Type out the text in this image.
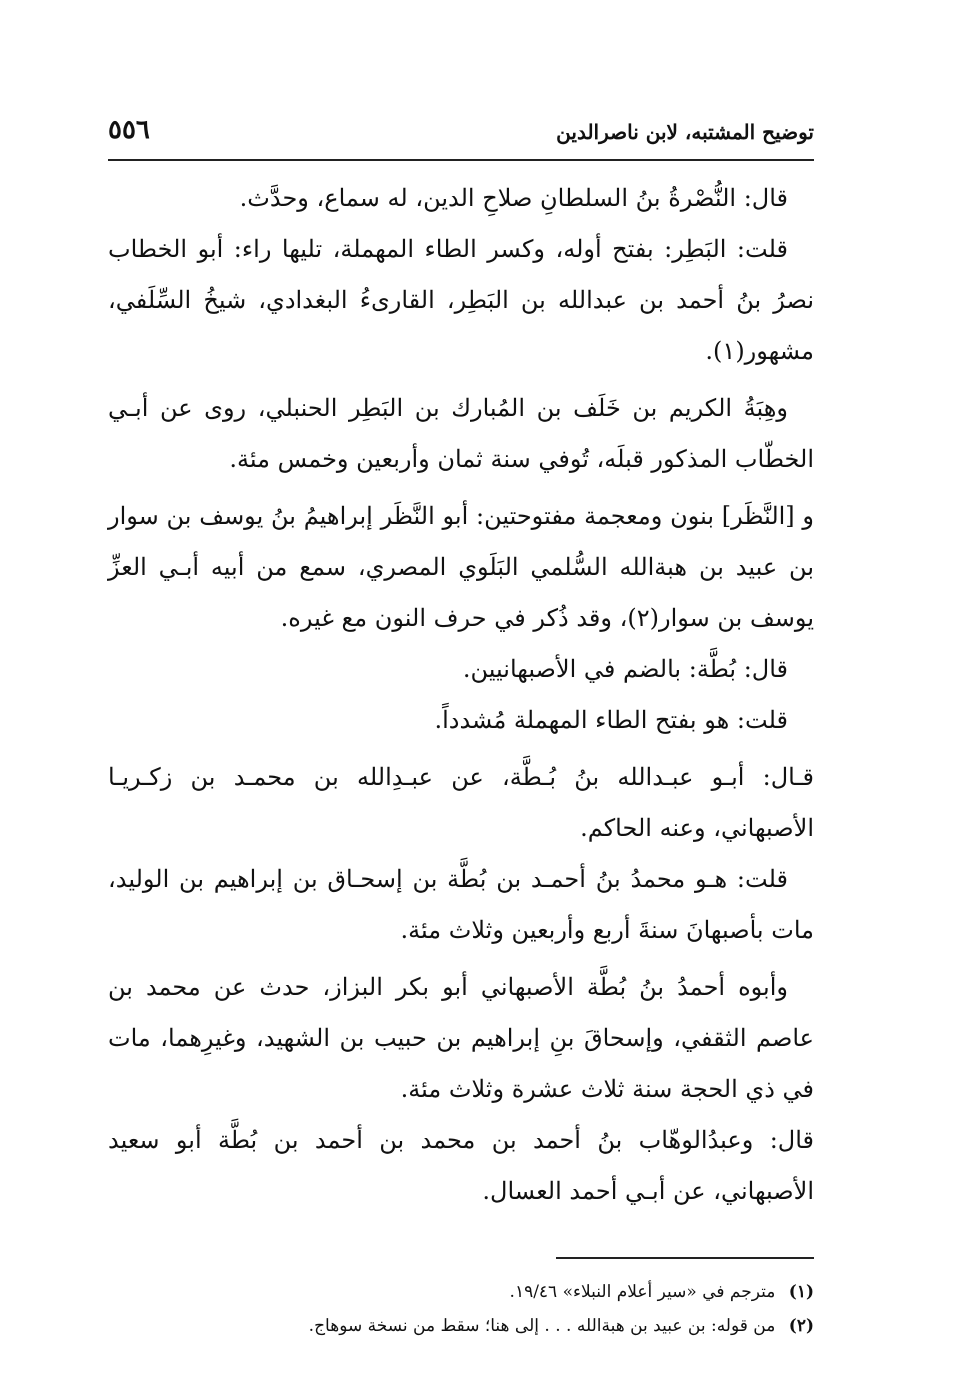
توضيح المشتبه، لابن ناصرالدين
٥٥٦

قال: النُّصْرةُ بنُ السلطانِ صلاحِ الدين، له سماع، وحدَّث.

قلت: البَطِر: بفتح أوله، وكسر الطاء المهملة، تليها راء: أبو الخطاب نصرُ بنُ أحمد بن عبدالله بن البَطِر، القارىءُ البغدادي، شيخُ السِّلَفي، مشهور(١).

وهِبَةُ الكريم بن خَلَف بن المُبارك بن البَطِر الحنبلي، روى عن أبـي الخطّاب المذكور قبلَه، تُوفي سنة ثمان وأربعين وخمس مئة.

و [النَّظَر] بنون ومعجمة مفتوحتين: أبو النَّظَر إبراهيمُ بنُ يوسف بن سوار بن عبيد بن هبةالله السُّلمي البَلَوي المصري، سمع من أبيه أبـي العزِّ يوسف بن سوار(٢)، وقد ذُكر في حرف النون مع غيره.

قال: بُطَّة: بالضم في الأصبهانيين.

قلت: هو بفتح الطاء المهملة مُشدداً.

قـال: أبـو عبـدالله بنُ بُـطَّة، عن عبـدِالله بن محمـد بن زكـريـا الأصبهاني، وعنه الحاكم.

قلت: هـو محمدُ بنُ أحمـد بن بُطَّة بن إسحـاق بن إبراهيم بن الوليد، مات بأصبهانَ سنةَ أربع وأربعين وثلاث مئة.

وأبوه أحمدُ بنُ بُطَّة الأصبهاني أبو بكر البزاز، حدث عن محمد بن عاصم الثقفي، وإسحاقَ بنِ إبراهيم بن حبيب بن الشهيد، وغيرِهما، مات في ذي الحجة سنة ثلاث عشرة وثلاث مئة.

قال: وعبدُالوهّاب بنُ أحمد بن محمد بن أحمد بن بُطَّة أبو سعيد الأصبهاني، عن أبـي أحمد العسال.

(١) مترجم في «سير أعلام النبلاء» ١٩/٤٦.

(٢) من قوله: بن عبيد بن هبةالله . . . إلى هنا؛ سقط من نسخة سوهاج.
